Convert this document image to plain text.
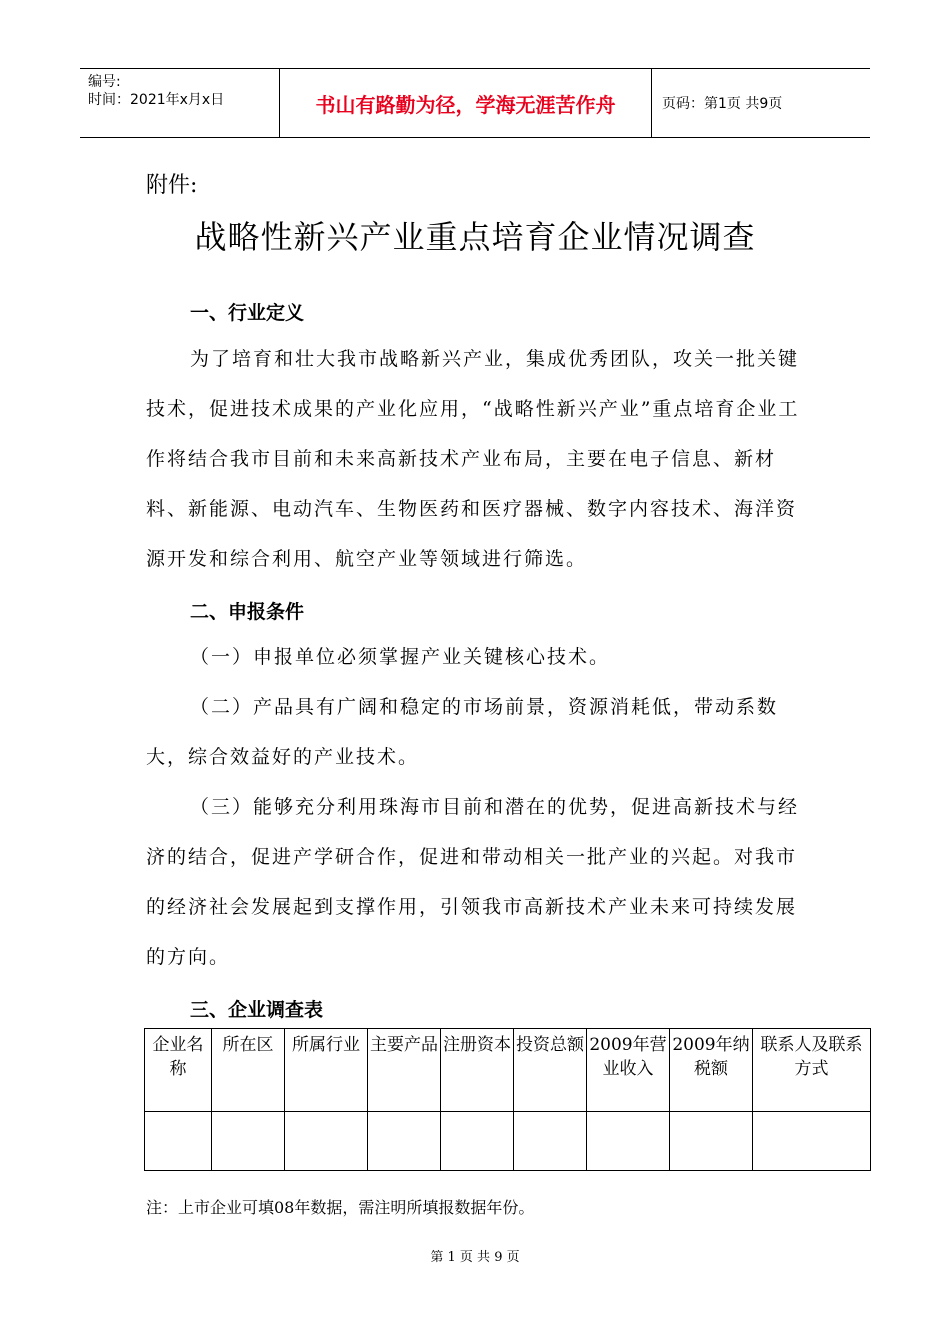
编号:
时间：2021年x月x日	书山有路勤为径，学海无涯苦作舟	页码：第1页 共9页
附件:
战略性新兴产业重点培育企业情况调查
一、行业定义

为了培育和壮大我市战略新兴产业，集成优秀团队，攻关一批关键技术，促进技术成果的产业化应用，“战略性新兴产业”重点培育企业工作将结合我市目前和未来高新技术产业布局，主要在电子信息、新材料、新能源、电动汽车、生物医药和医疗器械、数字内容技术、海洋资源开发和综合利用、航空产业等领域进行筛选。

二、申报条件

（一）申报单位必须掌握产业关键核心技术。

（二）产品具有广阔和稳定的市场前景，资源消耗低，带动系数大，综合效益好的产业技术。

（三）能够充分利用珠海市目前和潜在的优势，促进高新技术与经济的结合，促进产学研合作，促进和带动相关一批产业的兴起。对我市的经济社会发展起到支撑作用，引领我市高新技术产业未来可持续发展的方向。

三、企业调查表
企业名称	所在区	所属行业	主要产品	注册资本	投资总额	2009年营业收入	2009年纳税额	联系人及联系方式

注：上市企业可填08年数据，需注明所填报数据年份。
第 1 页 共 9 页
